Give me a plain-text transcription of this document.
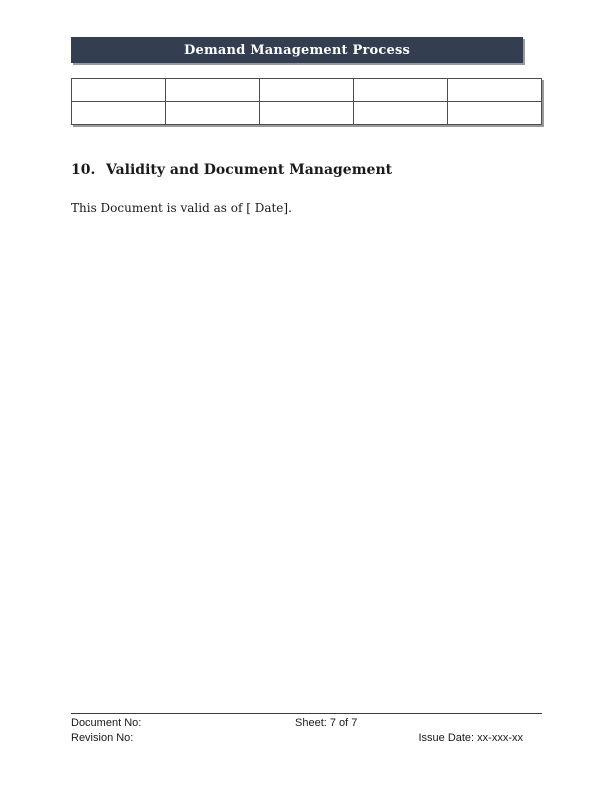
Demand Management Process

10. Validity and Document Management
This Document is valid as of [ Date].
Document No:	Sheet: 7 of 7
Revision No:	Issue Date: xx-xxx-xx
